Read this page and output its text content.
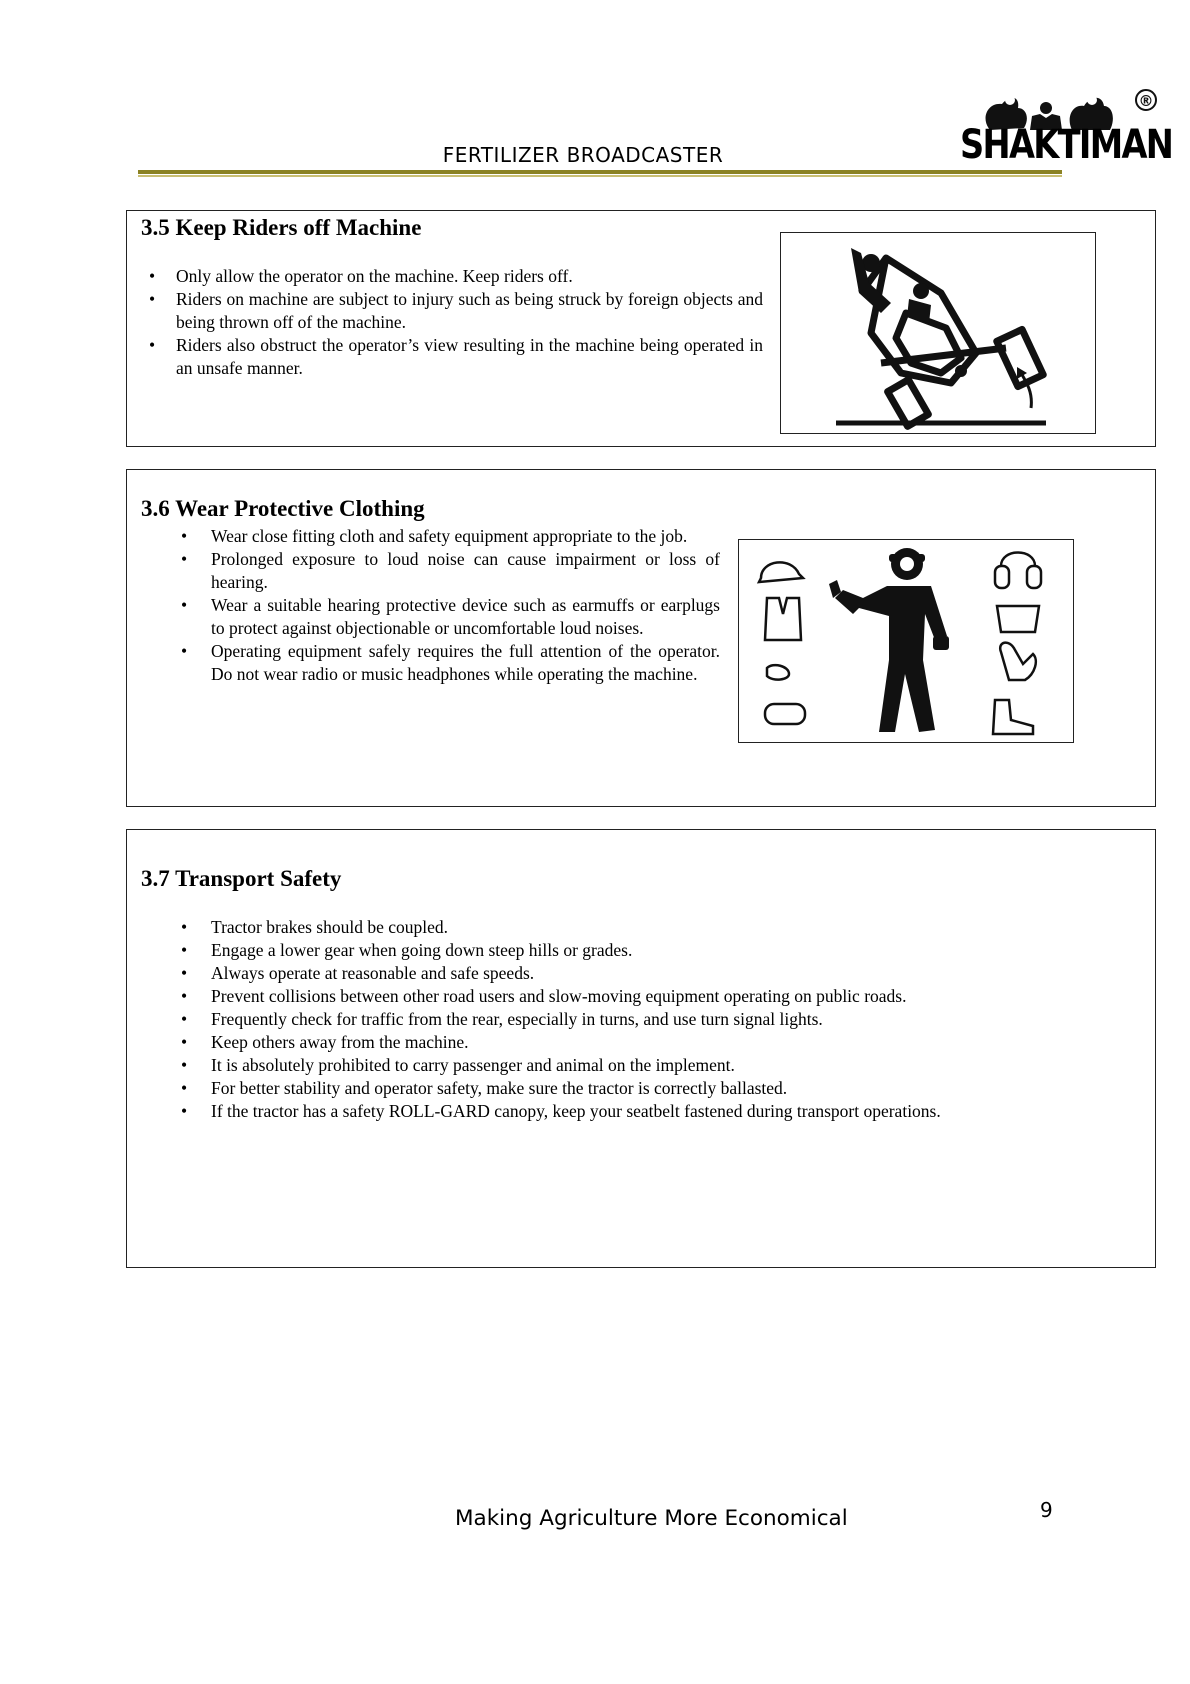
FERTILIZER BROADCASTER
®
SHAKTIMAN
3.5 Keep Riders off Machine
• Only allow the operator on the machine. Keep riders off.
• Riders on machine are subject to injury such as being struck by foreign objects and being thrown off of the machine.
• Riders also obstruct the operator’s view resulting in the machine being operated in an unsafe manner.
3.6 Wear Protective Clothing
• Wear close fitting cloth and safety equipment appropriate to the job.
• Prolonged exposure to loud noise can cause impairment or loss of hearing.
• Wear a suitable hearing protective device such as earmuffs or earplugs to protect against objectionable or uncomfortable loud noises.
• Operating equipment safely requires the full attention of the operator. Do not wear radio or music headphones while operating the machine.
3.7 Transport Safety
• Tractor brakes should be coupled.
• Engage a lower gear when going down steep hills or grades.
• Always operate at reasonable and safe speeds.
• Prevent collisions between other road users and slow-moving equipment operating on public roads.
• Frequently check for traffic from the rear, especially in turns, and use turn signal lights.
• Keep others away from the machine.
• It is absolutely prohibited to carry passenger and animal on the implement.
• For better stability and operator safety, make sure the tractor is correctly ballasted.
• If the tractor has a safety ROLL-GARD canopy, keep your seatbelt fastened during transport operations.
Making Agriculture More Economical	9
